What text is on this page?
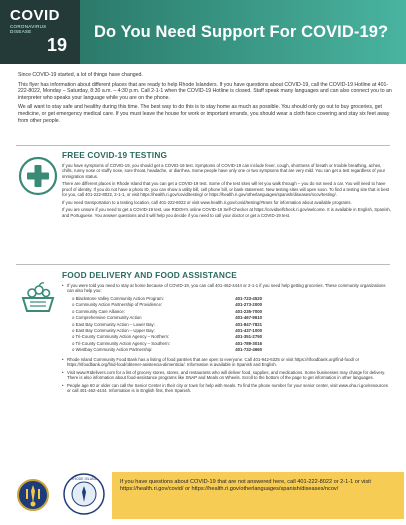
COVID
CORONAVIRUS
DISEASE
19
Do You Need Support For COVID-19?

Since COVID-19 started, a lot of things have changed.

This flyer has information about different places that are ready to help Rhode Islanders. If you have questions about COVID-19, call the COVID-19 Hotline at 401-222-8022, Monday – Saturday, 8:30 a.m. – 4:30 p.m. Call 2-1-1 when the COVID-19 Hotline is closed. Staff speak many languages and can also connect you to an interpreter who speaks your language while you are on the phone.

We all want to stay safe and healthy during this time. The best way to do this is to stay home as much as possible. You should only go out to buy groceries, get medicine, or get emergency medical care. If you must leave the house for work or important errands, you should wear a cloth face covering and stay six feet away from other people.

FREE COVID-19 TESTING

If you have symptoms of COVID-19, you should get a COVID-19 test. Symptoms of COVID-19 can include fever, cough, shortness of breath or trouble breathing, aches, chills, runny nose or stuffy nose, sore throat, headache, or diarrhea. Some people have only one or two symptoms that are very mild. You can get a test regardless of your immigration status.

There are different places in Rhode Island that you can get a COVID-19 test. Some of the test sites will let you walk through – you do not need a car. You will need to have proof of identity. If you do not have a photo ID, you can show a utility bill, cell phone bill, or bank statement. New testing sites will open soon. To find a testing site that is best for you, call 401-222-8022, 2-1-1, or visit https://health.ri.gov/covid/testing/ or https://health.ri.gov/otherlanguages/spanish/diseases/ncov/testing/.

If you need transportation to a testing location, call 401-222-8022 or visit www.health.ri.gov/covid/testing/#trans for information about available programs.

If you are unsure if you need to get a COVID-19 test, use RIDOH's online COVID-19 Self-Checker at https://covidselfcheck.ri.gov/welcome. It is available in English, Spanish, and Portuguese. You answer questions and it will help you decide if you need to call your doctor or get a COVID-19 test.

FOOD DELIVERY AND FOOD ASSISTANCE

• If you were told you need to stay at home because of COVID-19, you can call 401-462-4444 or 2-1-1 if you need help getting groceries. These community organizations can also help you:

o Blackstone Valley Community Action Program:	401-723-4520
o Community Action Partnership of Providence:	401-273-2000
o Community Care Alliance:	401-235-7000
o Comprehensive Community Action	401-467-9610
o East Bay Community Action – Lower Bay:	401-847-7821
o East Bay Community Action – Upper Bay:	401-437-1000
o Tri-County Community Action Agency – Northern:	401-351-2750
o Tri-County Community Action Agency – Southern:	401-789-3016
o Westbay Community Action Partnership:	401-732-4660

• Rhode Island Community Food Bank has a listing of food pantries that are open to everyone. Call 401-942-6325 or visit https://rifoodbank.org/find-food/ or https://rifoodbank.org/find-food/obtener-asistencia-alimenticia/. Information is available in Spanish and English.

• Visit www.RIdelivers.com for a list of grocery stores, stores, and restaurants who will deliver food, supplies, and medications. Some businesses may charge for delivery. There is also information about food-assistance programs like SNAP and Meals on Wheels. Scroll to the bottom of the page to get information in other languages.

• People age 60 or older can call the Senior Center in their city or town for help with meals. To find the phone number for your senior center, visit www.oha.ri.gov/resources or call 401-462-4444. Information is in English first, then Spanish.

RHODE ISLAND	If you have questions about COVID-19 that are not answered here, call 401-222-8022 or 2-1-1 or visit https://health.ri.gov/covid/ or https://health.ri.gov/otherlanguages/spanish/diseases/ncov/
